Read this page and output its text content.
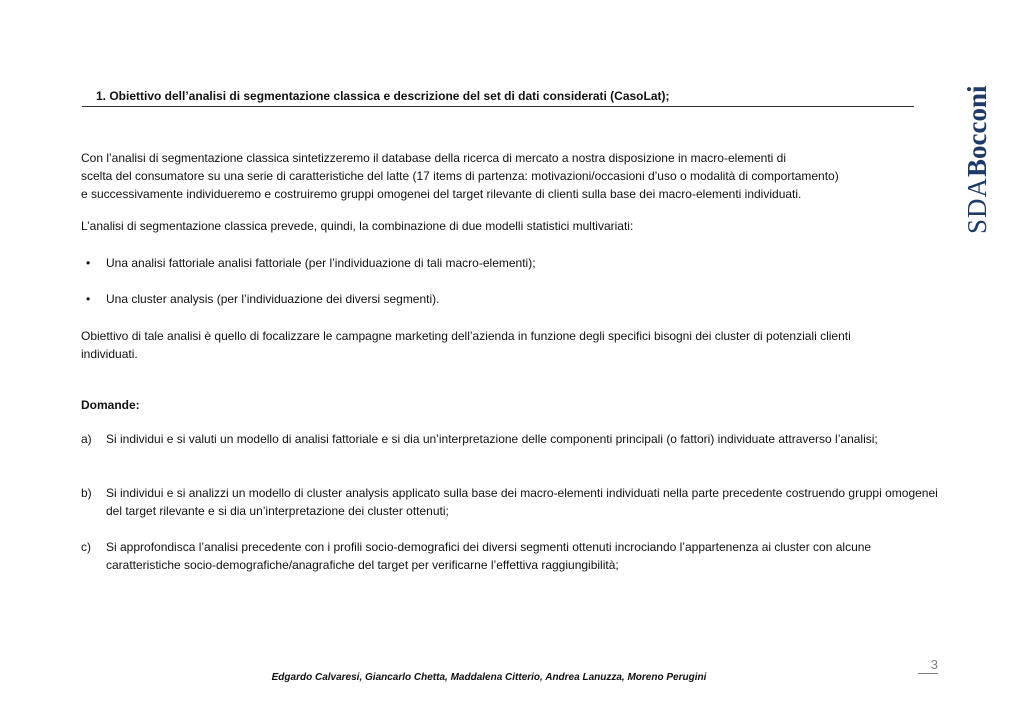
SDABocconi
1. Obiettivo dell’analisi di segmentazione classica e descrizione del set di dati considerati (CasoLat);
Con l’analisi di segmentazione classica sintetizzeremo il database della ricerca di mercato a nostra disposizione in macro-elementi di
scelta del consumatore su una serie di caratteristiche del latte (17 items di partenza: motivazioni/occasioni d’uso o modalità di comportamento)
e successivamente individueremo e costruiremo gruppi omogenei del target rilevante di clienti sulla base dei macro-elementi individuati.
L’analisi di segmentazione classica prevede, quindi, la combinazione di due modelli statistici multivariati:
• Una analisi fattoriale analisi fattoriale (per l’individuazione di tali macro-elementi);
• Una cluster analysis (per l’individuazione dei diversi segmenti).
Obiettivo di tale analisi è quello di focalizzare le campagne marketing dell’azienda in funzione degli specifici bisogni dei cluster di potenziali clienti
individuati.
Domande:
a) Si individui e si valuti un modello di analisi fattoriale e si dia un’interpretazione delle componenti principali (o fattori) individuate attraverso l’analisi;
b) Si individui e si analizzi un modello di cluster analysis applicato sulla base dei macro-elementi individuati nella parte precedente costruendo gruppi omogenei del target rilevante e si dia un’interpretazione dei cluster ottenuti;
c) Si approfondisca l’analisi precedente con i profili socio-demografici dei diversi segmenti ottenuti incrociando l’appartenenza ai cluster con alcune caratteristiche socio-demografiche/anagrafiche del target per verificarne l’effettiva raggiungibilità;
3
Edgardo Calvaresi, Giancarlo Chetta, Maddalena Citterio, Andrea Lanuzza, Moreno Perugini
